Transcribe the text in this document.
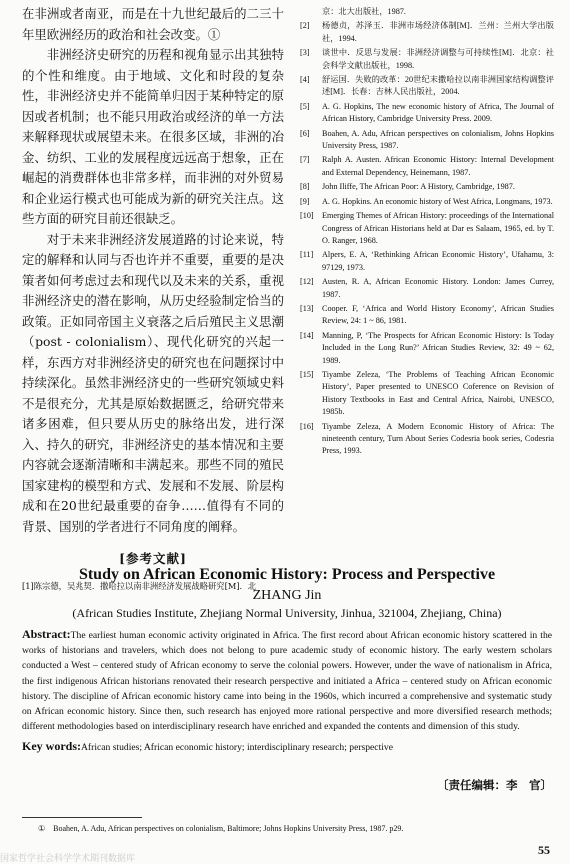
在非洲或者南亚，而是在十九世纪最后的二三十年里欧洲经历的政治和社会改变。①

非洲经济史研究的历程和视角显示出其独特的个性和维度。由于地域、文化和时段的复杂性，非洲经济史并不能简单归因于某种特定的原因或者机制；也不能只用政治或经济的单一方法来解释现状或展望未来。在很多区域，非洲的冶金、纺织、工业的发展程度远远高于想象，正在崛起的消费群体也非常多样，而非洲的对外贸易和企业运行模式也可能成为新的研究关注点。这些方面的研究目前还很缺乏。

对于未来非洲经济发展道路的讨论来说，特定的解释和认同与否也许并不重要，重要的是决策者如何考虑过去和现代以及未来的关系，重视非洲经济史的潜在影响，从历史经验制定恰当的政策。正如同帝国主义衰落之后后殖民主义思潮（post - colonialism）、现代化研究的兴起一样，东西方对非洲经济史的研究也在问题探讨中持续深化。虽然非洲经济史的一些研究领域史料不是很充分，尤其是原始数据匮乏，给研究带来诸多困难，但只要从历史的脉络出发，进行深入、持久的研究，非洲经济史的基本情况和主要内容就会逐渐清晰和丰满起来。那些不同的殖民国家建构的模型和方式、发展和不发展、阶层构成和在20世纪最重要的奋争……值得有不同的背景、国别的学者进行不同角度的阐释。

[参考文献]

[1]陈宗德，吴兆契．撒哈拉以南非洲经济发展战略研究[M]．北

京：北大出版社，1987.
[2]	杨德贞，苏泽玉．非洲市场经济体制[M]．兰州：兰州大学出版社，1994.
[3]	谈世中．反思与发展：非洲经济调整与可持续性[M]．北京：社会科学文献出版社，1998.
[4]	舒运国．失败的改革：20世纪末撒哈拉以南非洲国家结构调整评述[M]．长春：吉林人民出版社，2004.
[5]	A. G. Hopkins, The new economic history of Africa, The Journal of African History, Cambridge University Press. 2009.
[6]	Boahen, A. Adu, African perspectives on colonialism, Johns Hopkins University Press, 1987.
[7]	Ralph A. Austen. African Economic History: Internal Development and External Dependency, Heinemann, 1987.
[8]	John Iliffe, The African Poor: A History, Cambridge, 1987.
[9]	A. G. Hopkins. An economic history of West Africa, Longmans, 1973.
[10]	Emerging Themes of African History: proceedings of the International Congress of African Historians held at Dar es Salaam, 1965, ed. by T. O. Ranger, 1968.
[11]	Alpers, E. A, ‘Rethinking African Economic History’, Ufahamu, 3: 97129, 1973.
[12]	Austen, R. A, African Economic History. London: James Currey, 1987.
[13]	Cooper. F, ‘Africa and World History Economy’, African Studies Review, 24: 1 ~ 86, 1981.
[14]	Manning, P, ‘The Prospects for African Economic History: Is Today Included in the Long Run?’ African Studies Review, 32: 49 ~ 62, 1989.
[15]	Tiyambe Zeleza, ‘The Problems of Teaching African Economic History’, Paper presented to UNESCO Coference on Revision of History Textbooks in East and Central Africa, Nairobi, UNESCO, 1985b.
[16]	Tiyambe Zeleza, A Modern Economic History of Africa: The nineteenth century, Turn About Series Codesria book series, Codesria Press, 1993.
Study on African Economic History: Process and Perspective
ZHANG Jin
(African Studies Institute, Zhejiang Normal University, Jinhua, 321004, Zhejiang, China)

Abstract:The earliest human economic activity originated in Africa. The first record about African economic history scattered in the works of historians and travelers, which does not belong to pure academic study of economic history. The early western scholars conducted a West – centered study of African economy to serve the colonial powers. However, under the wave of nationalism in Africa, the first indigenous African historians renovated their research perspective and initiated a Africa – centered study on African economic history. The discipline of African economic history came into being in the 1960s, which incurred a comprehensive and systematic study on African economic history. Since then, such research has enjoyed more rational perspective and more diversified research methods; different methodologies based on interdisciplinary research have enriched and expanded the contents and dimension of this study.

Key words:African studies; African economic history; interdisciplinary research; perspective
〔责任编辑：李　官〕
①　Boahen, A. Adu, African perspectives on colonialism, Baltimore; Johns Hopkins University Press, 1987. p29.
国家哲学社会科学学术期刊数据库
55
